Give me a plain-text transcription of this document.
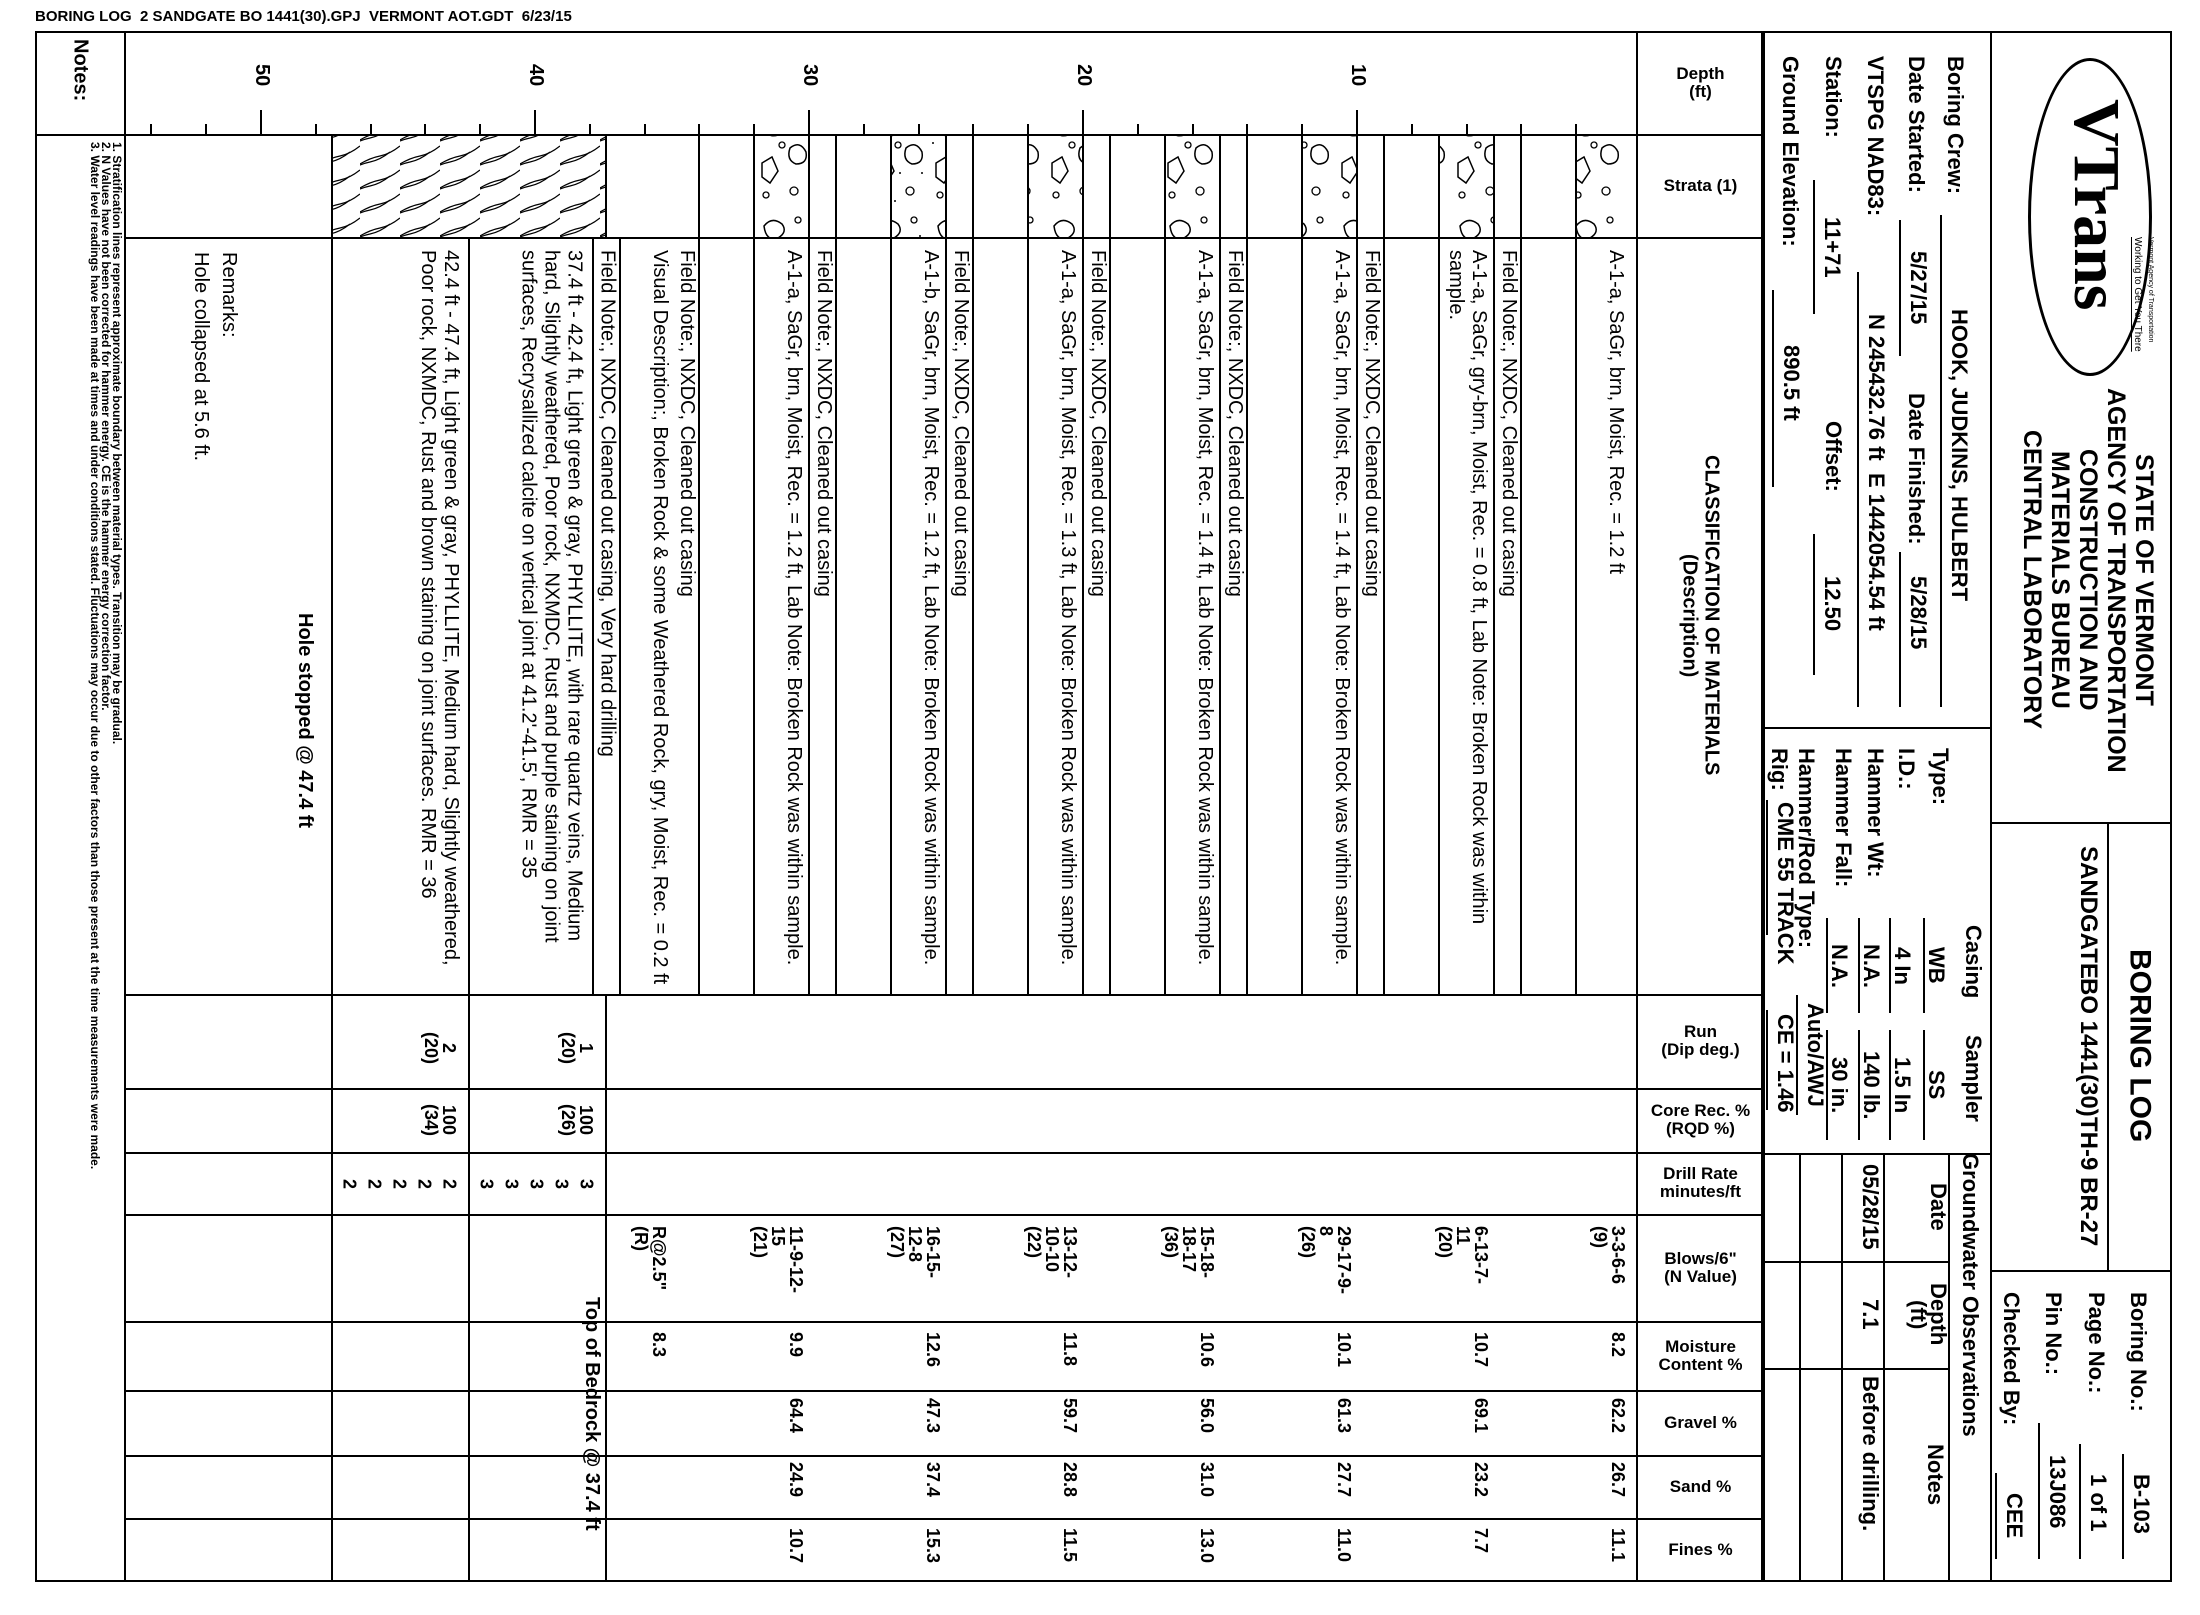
BORING LOG  2 SANDGATE BO 1441(30).GPJ  VERMONT AOT.GDT  6/23/15
VTrans Working to Get You There Vermont Agency of Transportation
STATE OF VERMONT
AGENCY OF TRANSPORTATION
CONSTRUCTION AND
MATERIALS BUREAU
CENTRAL LABORATORY
Boring Crew:
HOOK, JUDKINS, HULBERT
Date Started:
5/27/15
Date Finished:
5/28/15
VTSPG NAD83:
N 245432.76 ft  E 1442054.54 ft
Station:
11+71
Offset:
12.50
Ground Elevation:
890.5 ft
Casing
Sampler
Hammer/Rod Type:
Auto/AWJ
Rig:
CME 55 TRACK
CE = 1.46	BORING LOG
SANDGATE
BO 1441(30)
TH-9 BR-27
Boring No.:
B-103
Page No.:
1 of 1
Pin No.:
13J086
Checked By:
CEE
Groundwater Observations
Date
Depth
(ft)
Notes
05/28/15
7.1
Before drilling.
Notes:
1. Stratification lines represent approximate boundary between material types. Transition may be gradual.
2. N Values have not been corrected for hammer energy. CE is the hammer energy correction factor.
3. Water level readings have been made at times and under conditions stated. Fluctuations may occur due to other factors than those present at the time measurements were made.	Type:
WB
SS
I.D.:
4 In
1.5 In
Hammer Wt:
N.A.
140 lb.
Hammer Fall:
N.A.
30 in.
Depth
(ft)
Strata (1)
CLASSIFICATION OF MATERIALS
(Description)
Run
(Dip deg.)
Core Rec. %
(RQD %)
Drill Rate
minutes/ft
Blows/6"
(N Value)
Moisture
Content %
Gravel %
Sand %
Fines %
10
20
30
40
50
A-1-a, SaGr, brn, Moist, Rec. = 1.2 ft
3-3-6-6
(9)
8.2
62.2
26.7
11.1
A-1-a, SaGr, gry-brn, Moist, Rec. = 0.8 ft, Lab Note: Broken Rock was within sample.
6-13-7-
11
(20)
10.7
69.1
23.2
7.7
A-1-a, SaGr, brn, Moist, Rec. = 1.4 ft, Lab Note: Broken Rock was within sample.
29-17-9-
8
(26)
10.1
61.3
27.7
11.0
A-1-a, SaGr, brn, Moist, Rec. = 1.4 ft, Lab Note: Broken Rock was within sample.
15-18-
18-17
(36)
10.6
56.0
31.0
13.0
A-1-a, SaGr, brn, Moist, Rec. = 1.3 ft, Lab Note: Broken Rock was within sample.
13-12-
10-10
(22)
11.8
59.7
28.8
11.5
A-1-b, SaGr, brn, Moist, Rec. = 1.2 ft, Lab Note: Broken Rock was within sample.
16-15-
12-8
(27)
12.6
47.3
37.4
15.3
A-1-a, SaGr, brn, Moist, Rec. = 1.2 ft, Lab Note: Broken Rock was within sample.
11-9-12-
15
(21)
9.9
64.4
24.9
10.7
Visual Description:, Broken Rock & some Weathered Rock, gry, Moist, Rec. = 0.2 ft
R@2.5"
(R)
8.3
Field Note:, NXDC, Cleaned out casing
Field Note:, NXDC, Cleaned out casing
Field Note:, NXDC, Cleaned out casing
Field Note:, NXDC, Cleaned out casing
Field Note:, NXDC, Cleaned out casing
Field Note:, NXDC, Cleaned out casing
Field Note:, NXDC, Cleaned out casing
Field Note:, NXDC, Cleaned out casing, Very hard drilling
37.4 ft - 42.4 ft, Light green & gray, PHYLLITE, with rare quartz veins, Medium hard, Slightly weathered, Poor rock, NXMDC, Rust and purple staining on joint surfaces, Recrysallized calcite on vertical joint at 41.2'-41.5', RMR = 35
1
(20)
100
(26)
3
3
3
3
3
42.4 ft - 47.4 ft, Light green & gray, PHYLLITE, Medium hard, Slightly weathered, Poor rock, NXMDC, Rust and brown staining on joint surfaces. RMR = 36
2
(20)
100
(34)
2
2
2
2
2
Top of Bedrock @ 37.4 ft
Hole stopped @ 47.4 ft
Remarks:
Hole collapsed at 5.6 ft.
